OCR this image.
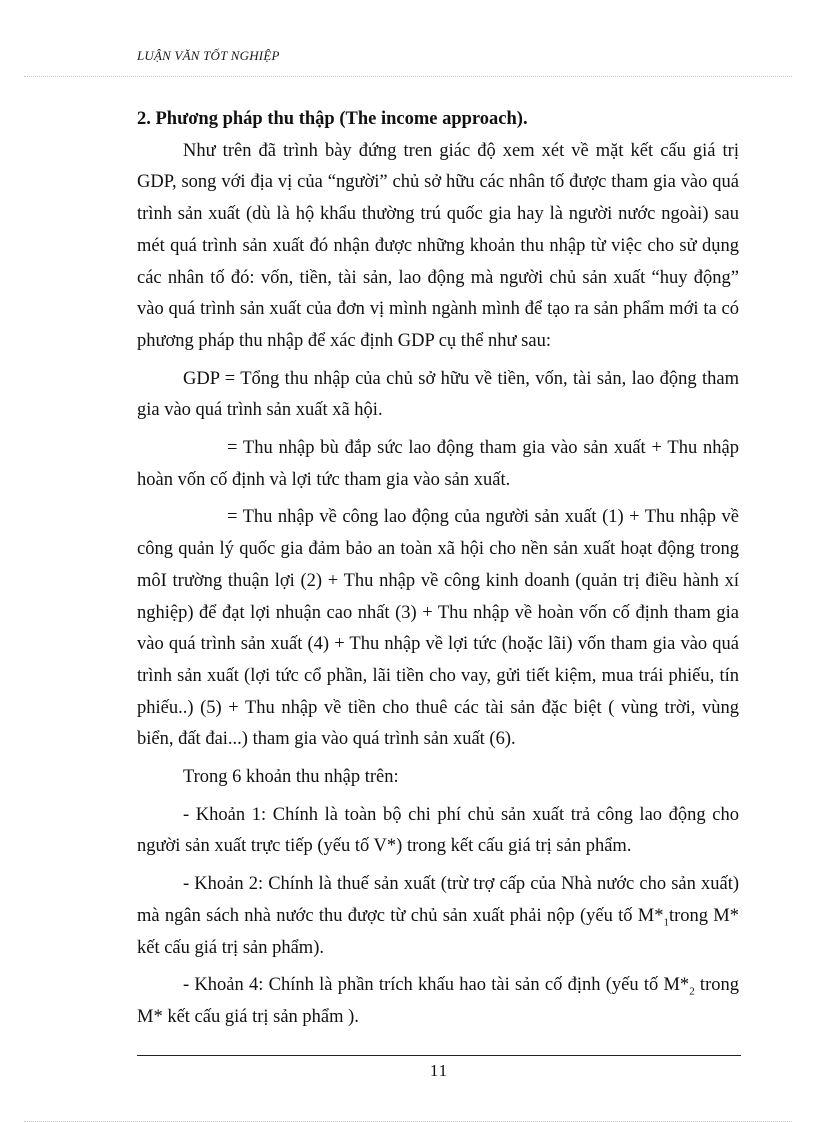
LUẬN VĂN TỐT NGHIỆP

2. Phương pháp thu thập (The income approach).

Như trên đã trình bày đứng tren giác độ xem xét về mặt kết cấu giá trị GDP, song với địa vị của “người” chủ sở hữu các nhân tố được tham gia vào quá trình sản xuất (dù là hộ khẩu thường trú quốc gia hay là người nước ngoài) sau mét quá trình sản xuất đó nhận được những khoản thu nhập từ việc cho sử dụng các nhân tố đó: vốn, tiền, tài sản, lao động mà người chủ sản xuất “huy động” vào quá trình sản xuất của đơn vị mình ngành mình để tạo ra sản phẩm mới ta có phương pháp thu nhập để xác định GDP cụ thể như sau:

GDP = Tổng thu nhập của chủ sở hữu về tiền, vốn, tài sản, lao động tham gia vào quá trình sản xuất xã hội.

= Thu nhập bù đắp sức lao động tham gia vào sản xuất + Thu nhập hoàn vốn cố định và lợi tức tham gia vào sản xuất.

= Thu nhập về công lao động của người sản xuất (1) + Thu nhập về công quản lý quốc gia đảm bảo an toàn xã hội cho nền sản xuất hoạt động trong môI trường thuận lợi (2) + Thu nhập về công kinh doanh (quản trị điều hành xí nghiệp) để đạt lợi nhuận cao nhất (3) + Thu nhập về hoàn vốn cố định tham gia vào quá trình sản xuất (4) + Thu nhập về lợi tức (hoặc lãi) vốn tham gia vào quá trình sản xuất (lợi tức cổ phần, lãi tiền cho vay, gửi tiết kiệm, mua trái phiếu, tín phiếu..) (5) + Thu nhập về tiền cho thuê các tài sản đặc biệt ( vùng trời, vùng biển, đất đai...) tham gia vào quá trình sản xuất (6).

Trong 6 khoản thu nhập trên:

- Khoản 1: Chính là toàn bộ chi phí chủ sản xuất trả công lao động cho người sản xuất trực tiếp (yếu tố V*) trong kết cấu giá trị sản phẩm.

- Khoản 2: Chính là thuế sản xuất (trừ trợ cấp của Nhà nước cho sản xuất) mà ngân sách nhà nước thu được từ chủ sản xuất phải nộp (yếu tố $M*_1trong$ M* kết cấu giá trị sản phẩm).

- Khoản 4: Chính là phần trích khấu hao tài sản cố định (yếu tố $M*_2$ trong M* kết cấu giá trị sản phẩm ).

11
